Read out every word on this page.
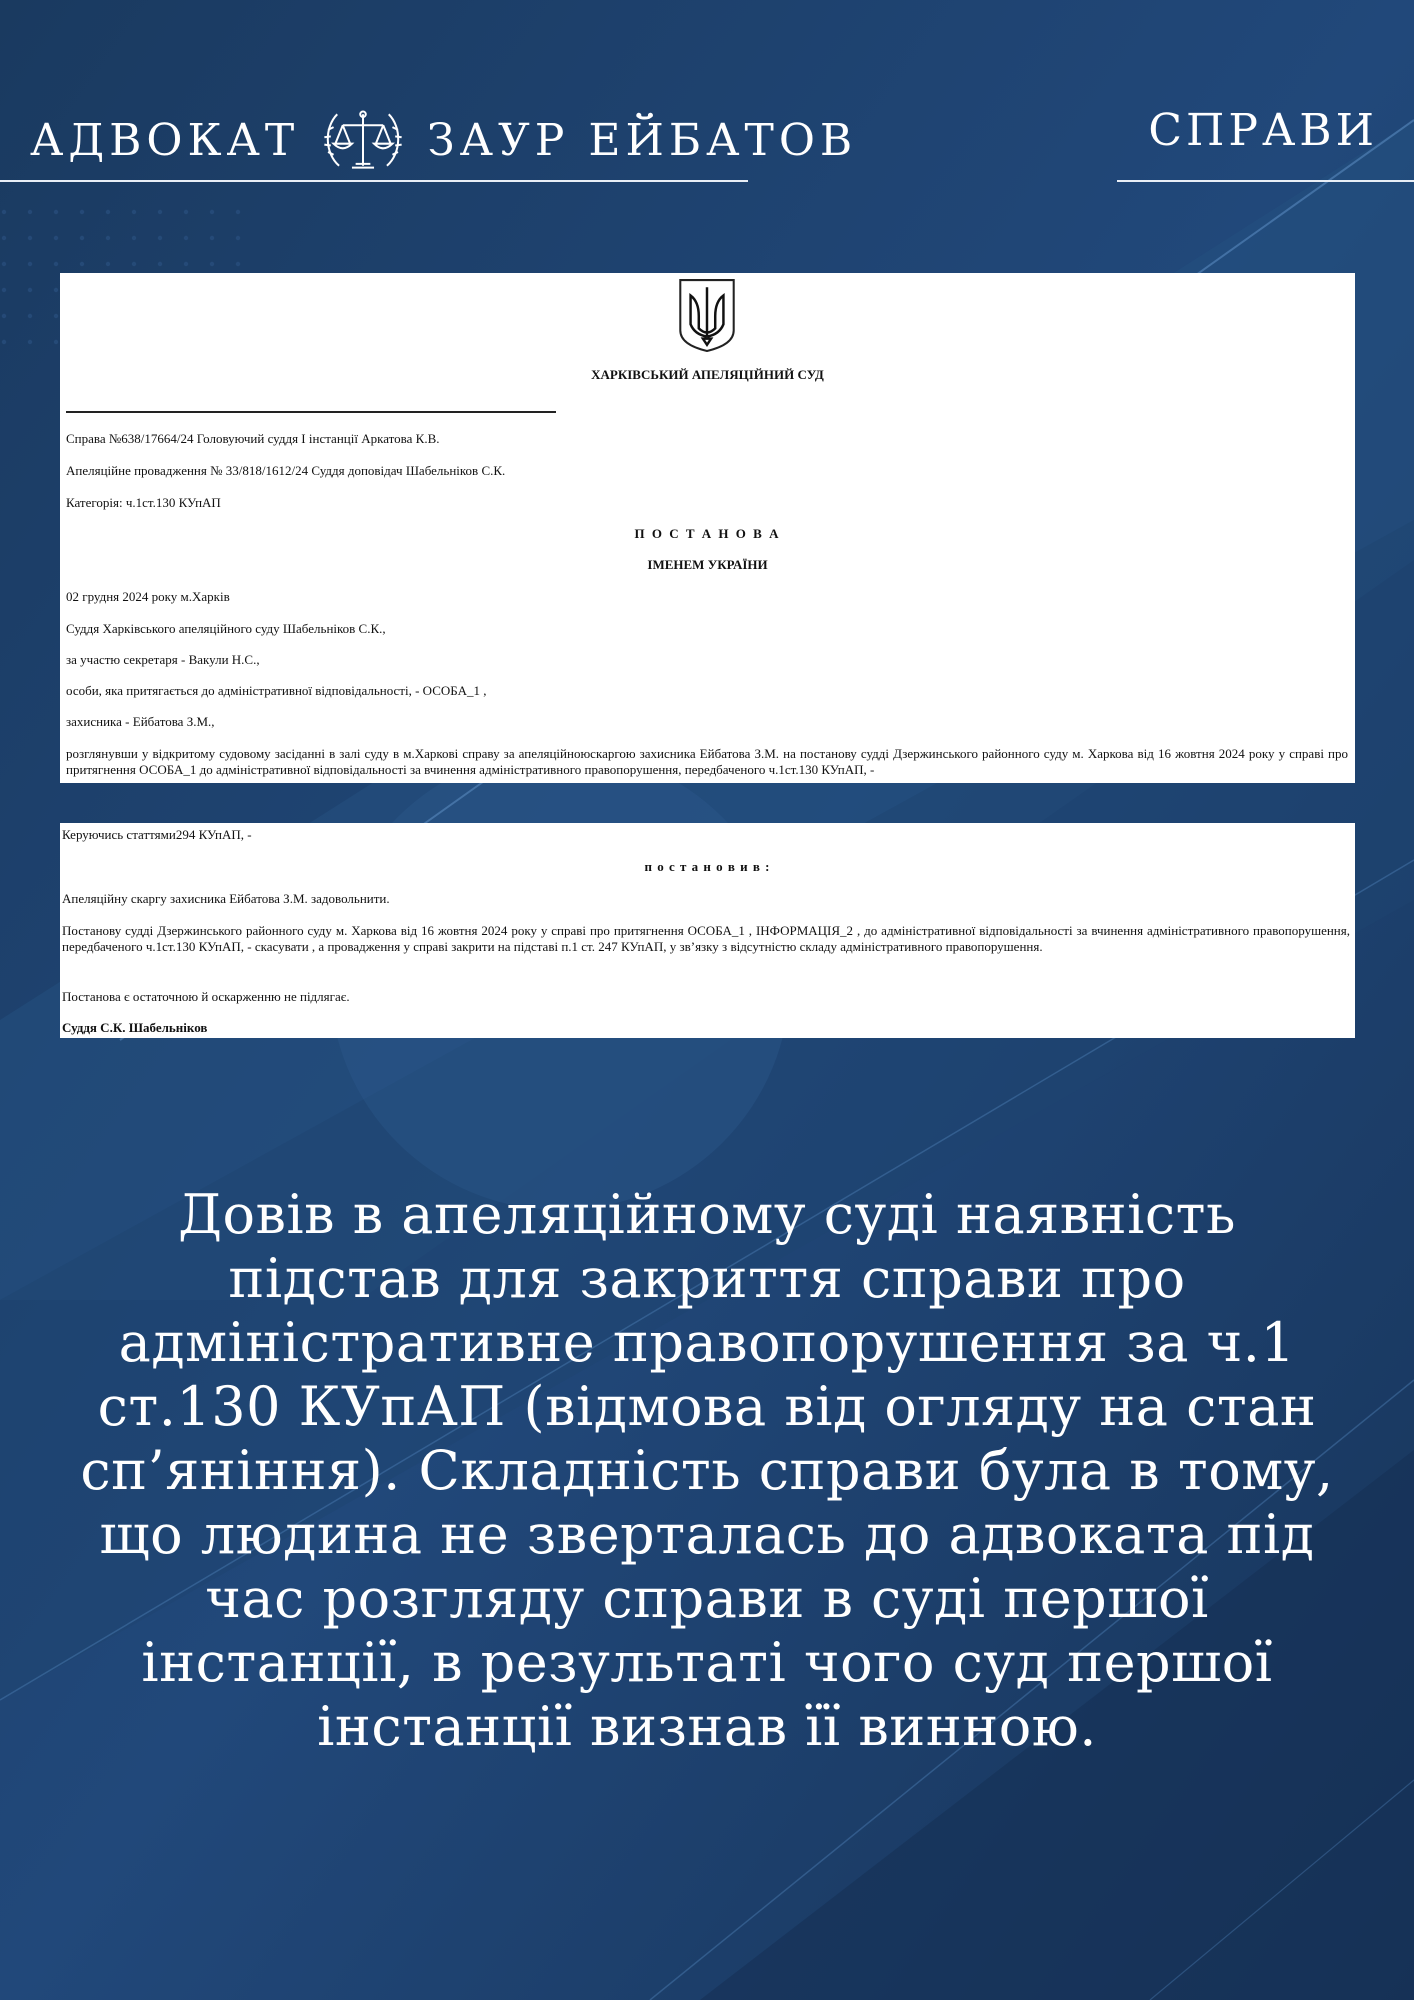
АДВОКАТ	ЗАУР ЕЙБАТОВ	СПРАВИ

ХАРКІВСЬКИЙ АПЕЛЯЦІЙНИЙ СУД

Справа №638/17664/24 Головуючий суддя І інстанції Аркатова К.В.

Апеляційне провадження № 33/818/1612/24 Суддя доповідач Шабельніков С.К.

Категорія: ч.1ст.130 КУпАП

П О С Т А Н О В А

ІМЕНЕМ УКРАЇНИ

02 грудня 2024 року м.Харків

Суддя Харківського апеляційного суду Шабельніков С.К.,

за участю секретаря - Вакули Н.С.,

особи, яка притягається до адміністративної відповідальності, - ОСОБА_1 ,

захисника - Ейбатова З.М.,

розглянувши у відкритому судовому засіданні в залі суду в м.Харкові справу за апеляційноюскаргою захисника Ейбатова З.М. на постанову судді Дзержинського районного суду м. Харкова від 16 жовтня 2024 року у справі про притягнення ОСОБА_1 до адміністративної відповідальності за вчинення адміністративного правопорушення, передбаченого ч.1ст.130 КУпАП, -

Керуючись статтями294 КУпАП, -

п о с т а н о в и в :

Апеляційну скаргу захисника Ейбатова З.М. задовольнити.

Постанову судді Дзержинського районного суду м. Харкова від 16 жовтня 2024 року у справі про притягнення ОСОБА_1 , ІНФОРМАЦІЯ_2 , до адміністративної відповідальності за вчинення адміністративного правопорушення, передбаченого ч.1ст.130 КУпАП, - скасувати , а провадження у справі закрити на підставі п.1 ст. 247 КУпАП, у зв’язку з відсутністю складу адміністративного правопорушення.

Постанова є остаточною й оскарженню не підлягає.

Суддя С.К. Шабельніков

Довів в апеляційному суді наявність підстав для закриття справи про адміністративне правопорушення за ч.1 ст.130 КУпАП (відмова від огляду на стан сп’яніння). Складність справи була в тому, що людина не зверталась до адвоката під час розгляду справи в суді першої інстанції, в результаті чого суд першої інстанції визнав її винною.
